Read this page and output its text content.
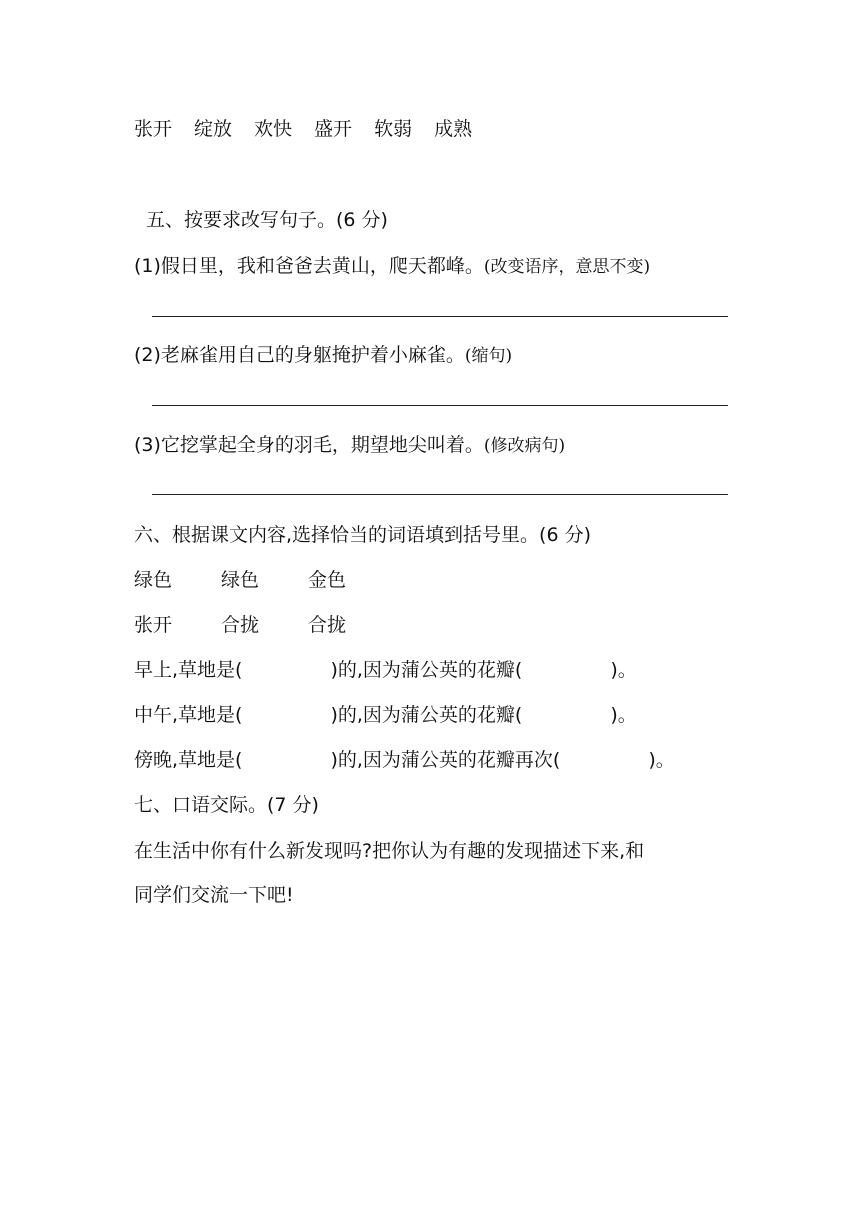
张开 绽放 欢快 盛开 软弱 成熟
五、按要求改写句子。(6 分)
(1)假日里，我和爸爸去黄山，爬天都峰。(改变语序，意思不变)
(2)老麻雀用自己的身躯掩护着小麻雀。(缩句)
(3)它挖掌起全身的羽毛，期望地尖叫着。(修改病句)
六、根据课文内容,选择恰当的词语填到括号里。(6 分)
绿色	绿色	金色
张开	合拢	合拢
早上,草地是(	)的,因为蒲公英的花瓣(	)。
中午,草地是(	)的,因为蒲公英的花瓣(	)。
傍晚,草地是(	)的,因为蒲公英的花瓣再次(	)。
七、口语交际。(7 分)
在生活中你有什么新发现吗?把你认为有趣的发现描述下来,和
同学们交流一下吧!
